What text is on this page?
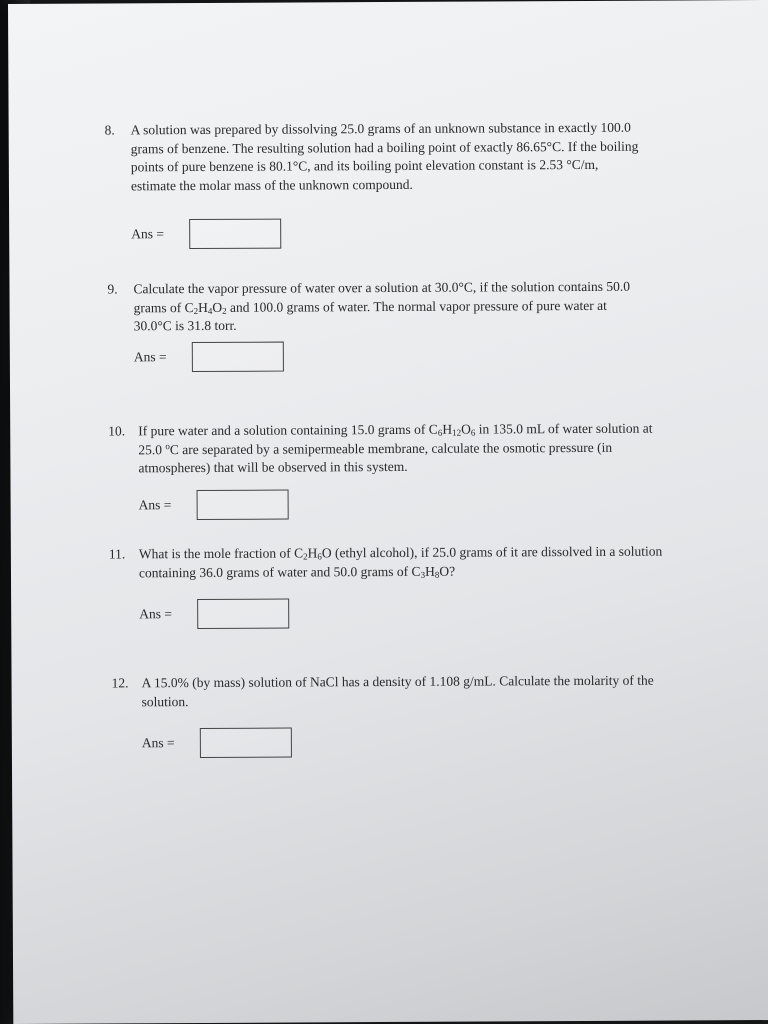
8. A solution was prepared by dissolving 25.0 grams of an unknown substance in exactly 100.0 grams of benzene. The resulting solution had a boiling point of exactly 86.65°C. If the boiling points of pure benzene is 80.1°C, and its boiling point elevation constant is 2.53 °C/m, estimate the molar mass of the unknown compound.
Ans =
9. Calculate the vapor pressure of water over a solution at 30.0°C, if the solution contains 50.0 grams of $C_2H_4O_2$ and 100.0 grams of water. The normal vapor pressure of pure water at 30.0°C is 31.8 torr.
Ans =
10. If pure water and a solution containing 15.0 grams of $C_6H_{12}O_6$ in 135.0 mL of water solution at 25.0 $^o$C are separated by a semipermeable membrane, calculate the osmotic pressure (in atmospheres) that will be observed in this system.
Ans =
11. What is the mole fraction of $C_2H_6O$ (ethyl alcohol), if 25.0 grams of it are dissolved in a solution containing 36.0 grams of water and 50.0 grams of $C_3H_8O$?
Ans =
12. A 15.0% (by mass) solution of NaCl has a density of 1.108 g/mL. Calculate the molarity of the solution.
Ans =
